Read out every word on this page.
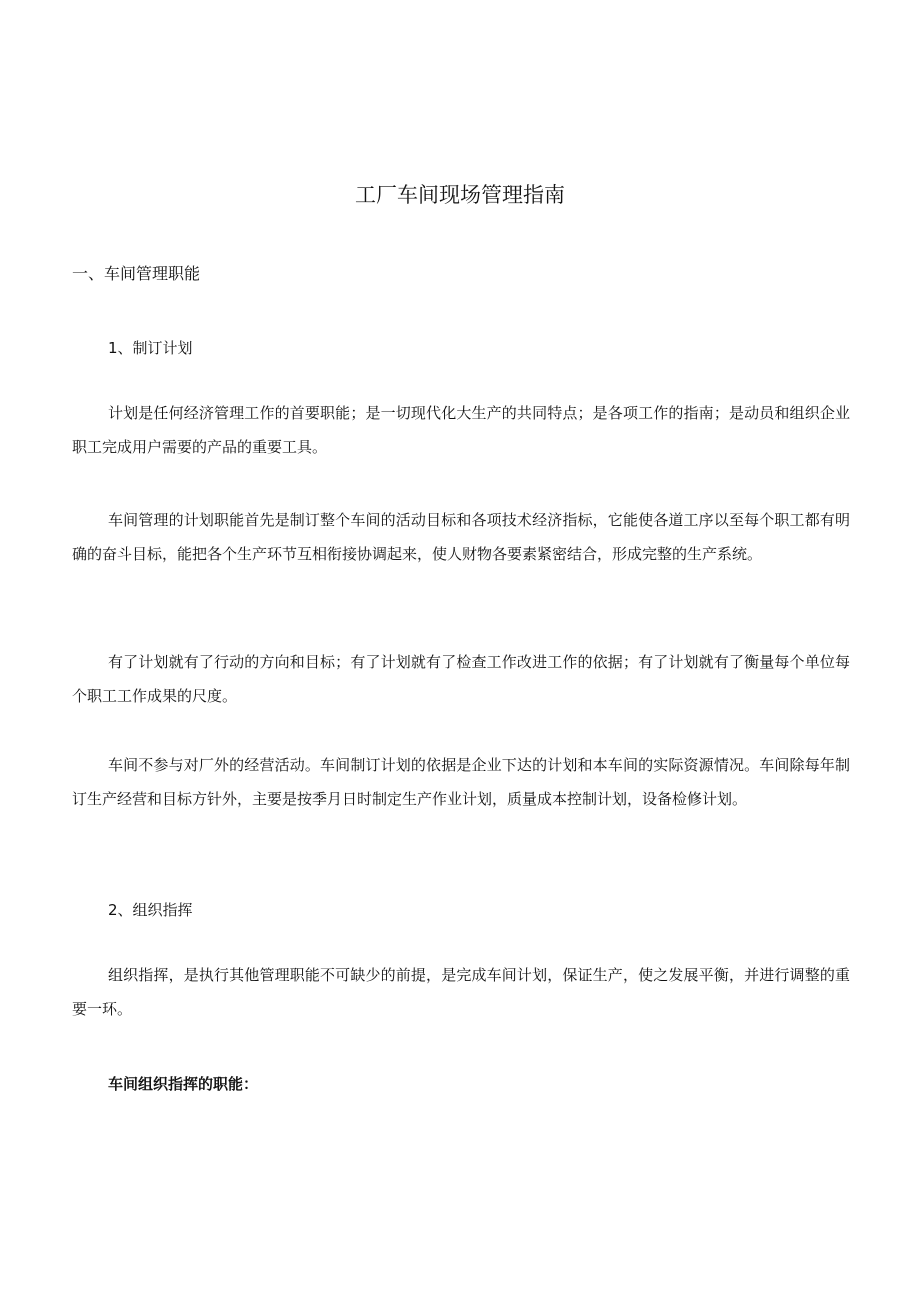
工厂车间现场管理指南
一、车间管理职能
1、制订计划

计划是任何经济管理工作的首要职能；是一切现代化大生产的共同特点；是各项工作的指南；是动员和组织企业职工完成用户需要的产品的重要工具。

车间管理的计划职能首先是制订整个车间的活动目标和各项技术经济指标，它能使各道工序以至每个职工都有明确的奋斗目标，能把各个生产环节互相衔接协调起来，使人财物各要素紧密结合，形成完整的生产系统。

有了计划就有了行动的方向和目标；有了计划就有了检查工作改进工作的依据；有了计划就有了衡量每个单位每个职工工作成果的尺度。

车间不参与对厂外的经营活动。车间制订计划的依据是企业下达的计划和本车间的实际资源情况。车间除每年制订生产经营和目标方针外，主要是按季月日时制定生产作业计划，质量成本控制计划，设备检修计划。

2、组织指挥

组织指挥，是执行其他管理职能不可缺少的前提，是完成车间计划，保证生产，使之发展平衡，并进行调整的重要一环。

车间组织指挥的职能：
